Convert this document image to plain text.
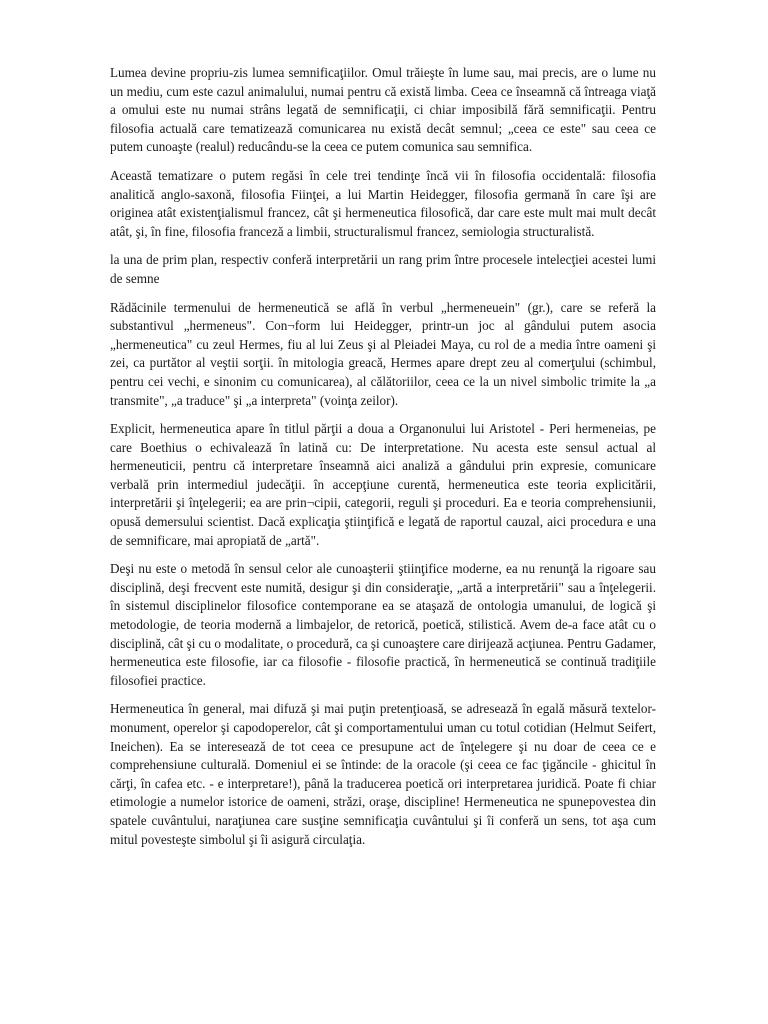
Lumea devine propriu-zis lumea semnificaţiilor. Omul trăieşte în lume sau, mai precis, are o lume nu un mediu, cum este cazul animalului, numai pentru că există limba. Ceea ce înseamnă că întreaga viaţă a omului este nu numai strâns legată de semnificaţii, ci chiar imposibilă fără semnificaţii. Pentru filosofia actuală care tematizează comunicarea nu există decât semnul; „ceea ce este" sau ceea ce putem cunoaşte (realul) reducându-se la ceea ce putem comunica sau semnifica.

Această tematizare o putem regăsi în cele trei tendinţe încă vii în filosofia occidentală: filosofia analitică anglo-saxonă, filosofia Fiinţei, a lui Martin Heidegger, filosofia germană în care îşi are originea atât existenţialismul francez, cât şi hermeneutica filosofică, dar care este mult mai mult decât atât, şi, în fine, filosofia franceză a limbii, structuralismul francez, semiologia structuralistă.

la una de prim plan, respectiv conferă interpretării un rang prim între procesele intelecţiei acestei lumi de semne

Rădăcinile termenului de hermeneutică se află în verbul „hermeneuein" (gr.), care se referă la substantivul „hermeneus". Con¬form lui Heidegger, printr-un joc al gândului putem asocia „hermeneutica" cu zeul Hermes, fiu al lui Zeus şi al Pleiadei Maya, cu rol de a media între oameni şi zei, ca purtător al veştii sorţii. în mitologia greacă, Hermes apare drept zeu al comerţului (schimbul, pentru cei vechi, e sinonim cu comunicarea), al călătoriilor, ceea ce la un nivel simbolic trimite la „a transmite", „a traduce" şi „a interpreta" (voinţa zeilor).

Explicit, hermeneutica apare în titlul părţii a doua a Organonului lui Aristotel - Peri hermeneias, pe care Boethius o echivalează în latină cu: De interpretatione. Nu acesta este sensul actual al hermeneuticii, pentru că interpretare înseamnă aici analiză a gândului prin expresie, comunicare verbală prin intermediul judecăţii. în accepţiune curentă, hermeneutica este teoria explicitării, interpretării şi înţelegerii; ea are prin¬cipii, categorii, reguli şi proceduri. Ea e teoria comprehensiunii, opusă demersului scientist. Dacă explicaţia ştiinţifică e legată de raportul cauzal, aici procedura e una de semnificare, mai apropiată de „artă".

Deşi nu este o metodă în sensul celor ale cunoaşterii ştiinţifice moderne, ea nu renunţă la rigoare sau disciplină, deşi frecvent este numită, desigur şi din consideraţie, „artă a interpretării" sau a înţelegerii. în sistemul disciplinelor filosofice contemporane ea se ataşază de ontologia umanului, de logică şi metodologie, de teoria modernă a limbajelor, de retorică, poetică, stilistică. Avem de-a face atât cu o disciplină, cât şi cu o modalitate, o procedură, ca şi cunoaştere care dirijează acţiunea. Pentru Gadamer, hermeneutica este filosofie, iar ca filosofie - filosofie practică, în hermeneutică se continuă tradiţiile filosofiei practice.

Hermeneutica în general, mai difuză şi mai puţin pretenţioasă, se adresează în egală măsură textelor-monument, operelor şi capodoperelor, cât şi comportamentului uman cu totul cotidian (Helmut Seifert, Ineichen). Ea se interesează de tot ceea ce presupune act de înţelegere şi nu doar de ceea ce e comprehensiune culturală. Domeniul ei se întinde: de la oracole (şi ceea ce fac ţigăncile - ghicitul în cărţi, în cafea etc. - e interpretare!), până la traducerea poetică ori interpretarea juridică. Poate fi chiar etimologie a numelor istorice de oameni, străzi, oraşe, discipline! Hermeneutica ne spunepovestea din spatele cuvântului, naraţiunea care susţine semnificaţia cuvântului şi îi conferă un sens, tot aşa cum mitul povesteşte simbolul şi îi asigură circulaţia.
